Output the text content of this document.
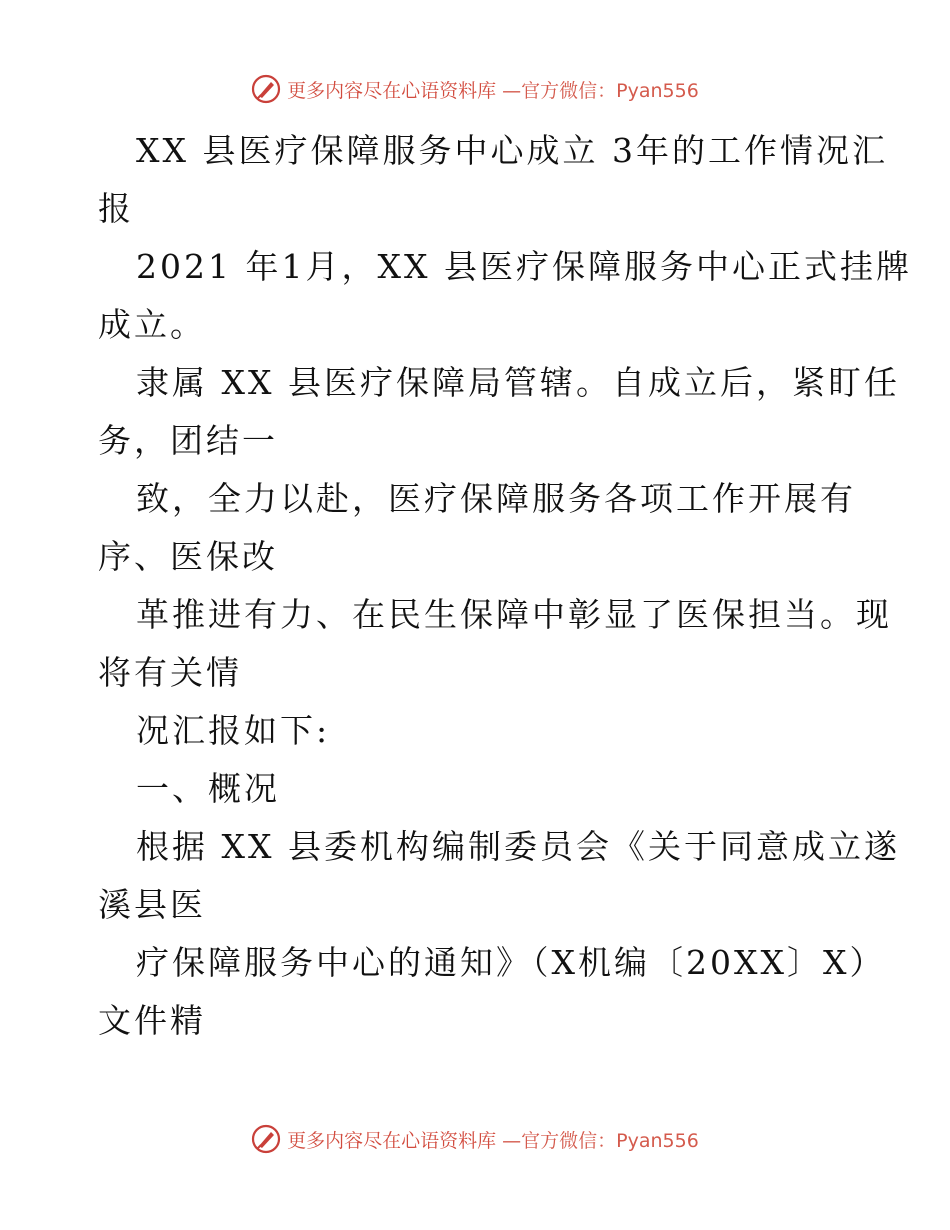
更多内容尽在心语资料库 —官方微信：Pyan556
XX 县医疗保障服务中心成立 3年的工作情况汇
报
2021 年1月，XX 县医疗保障服务中心正式挂牌
成立。
隶属 XX 县医疗保障局管辖。自成立后，紧盯任
务，团结一
致，全力以赴，医疗保障服务各项工作开展有
序、医保改
革推进有力、在民生保障中彰显了医保担当。现
将有关情
况汇报如下:
一、概况
根据 XX 县委机构编制委员会《关于同意成立遂
溪县医
疗保障服务中心的通知》（X机编〔20XX〕X）
文件精
更多内容尽在心语资料库 —官方微信：Pyan556
